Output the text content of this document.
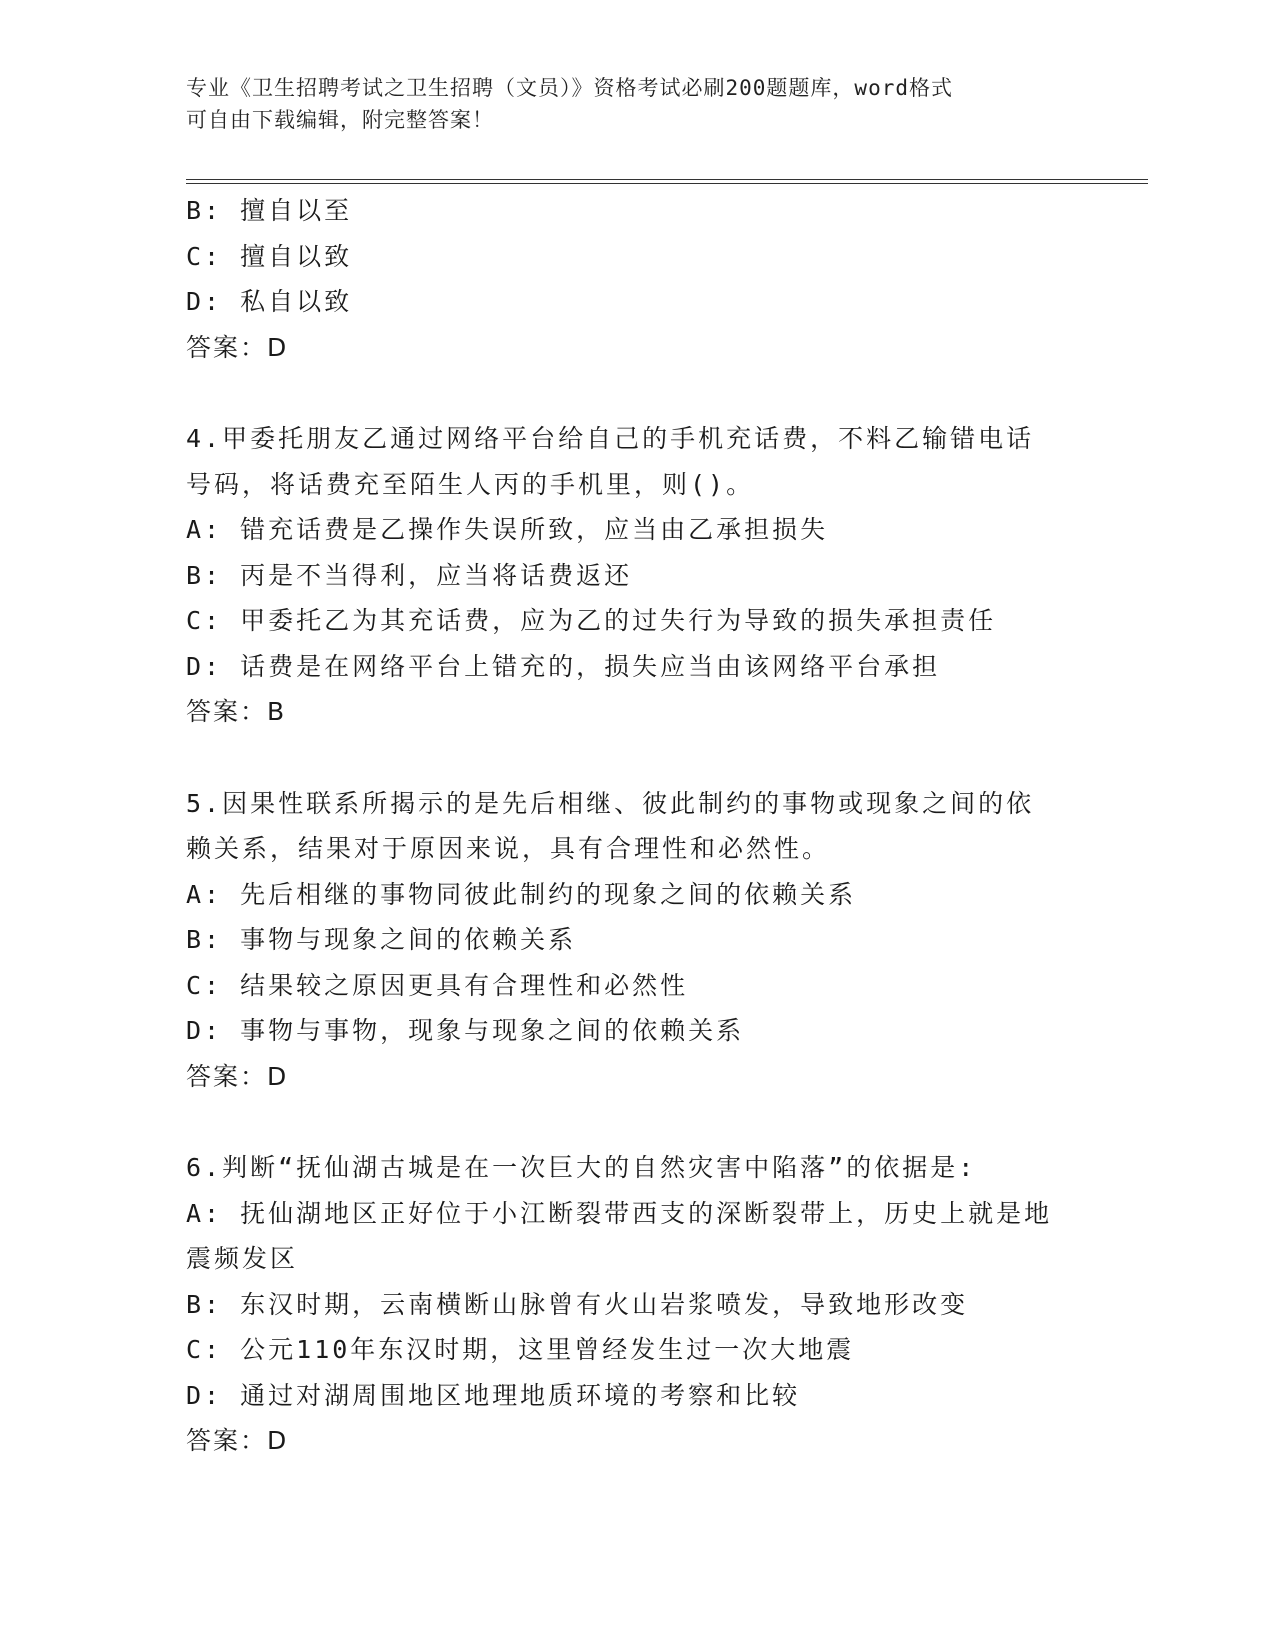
专业《卫生招聘考试之卫生招聘（文员）》资格考试必刷200题题库，word格式
可自由下载编辑，附完整答案！

B: 擅自以至

C: 擅自以致

D: 私自以致

答案：D

4.甲委托朋友乙通过网络平台给自己的手机充话费，不料乙输错电话

号码，将话费充至陌生人丙的手机里，则()。

A: 错充话费是乙操作失误所致，应当由乙承担损失

B: 丙是不当得利，应当将话费返还

C: 甲委托乙为其充话费，应为乙的过失行为导致的损失承担责任

D: 话费是在网络平台上错充的，损失应当由该网络平台承担

答案：B

5.因果性联系所揭示的是先后相继、彼此制约的事物或现象之间的依

赖关系，结果对于原因来说，具有合理性和必然性。

A: 先后相继的事物同彼此制约的现象之间的依赖关系

B: 事物与现象之间的依赖关系

C: 结果较之原因更具有合理性和必然性

D: 事物与事物，现象与现象之间的依赖关系

答案：D

6.判断“抚仙湖古城是在一次巨大的自然灾害中陷落”的依据是:

A: 抚仙湖地区正好位于小江断裂带西支的深断裂带上，历史上就是地

震频发区

B: 东汉时期，云南横断山脉曾有火山岩浆喷发，导致地形改变

C: 公元110年东汉时期，这里曾经发生过一次大地震

D: 通过对湖周围地区地理地质环境的考察和比较

答案：D
